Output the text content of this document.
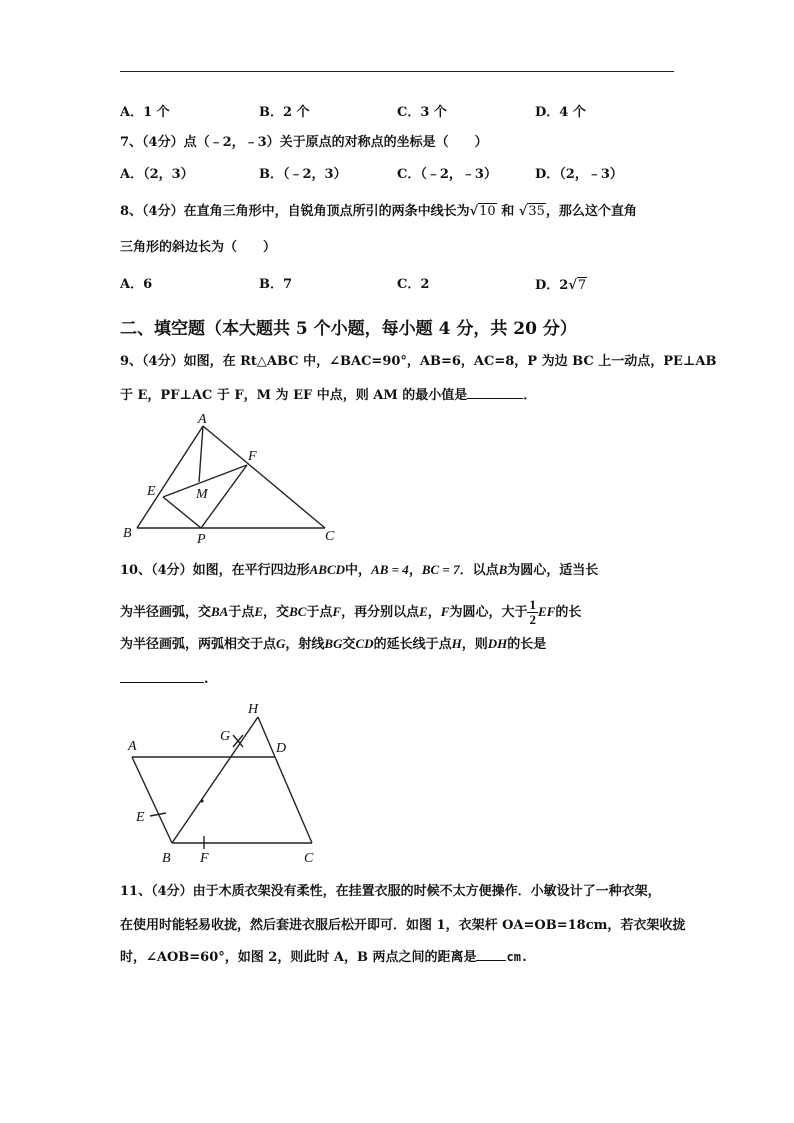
A．1 个	B．2 个	C．3 个	D．4 个
7、（4分）点（﹣2，﹣3）关于原点的对称点的坐标是（　　）
A．（2，3）	B．（﹣2，3）	C．（﹣2，﹣3）	D．（2，﹣3）
8、（4分）在直角三角形中，自锐角顶点所引的两条中线长为√10 和 √35，那么这个直角
三角形的斜边长为（　　）
A．6	B．7	C．2	D．2√7
二、填空题（本大题共 5 个小题，每小题 4 分，共 20 分）
9、（4分）如图，在 Rt△ABC 中，∠BAC=90°，AB=6，AC=8，P 为边 BC 上一动点，PE⊥AB
于 E，PF⊥AC 于 F，M 为 EF 中点，则 AM 的最小值是	．
A
B	C
E
F
M
P
10、（4分）如图，在平行四边形ABCD中，AB = 4，BC = 7．以点B为圆心，适当长
为半径画弧，交BA于点E，交BC于点F，再分别以点E，F为圆心，大于 $\frac{1}{2}$ EF的长
为半径画弧，两弧相交于点G，射线BG交CD的延长线于点H，则DH的长是
.
A
B	C
D
E
F
G
H
11、（4分）由于木质衣架没有柔性，在挂置衣服的时候不太方便操作．小敏设计了一种衣架，
在使用时能轻易收拢，然后套进衣服后松开即可．如图 1，衣架杆 OA=OB=18cm，若衣架收拢
时，∠AOB=60°，如图 2，则此时 A，B 两点之间的距离是	cm.
